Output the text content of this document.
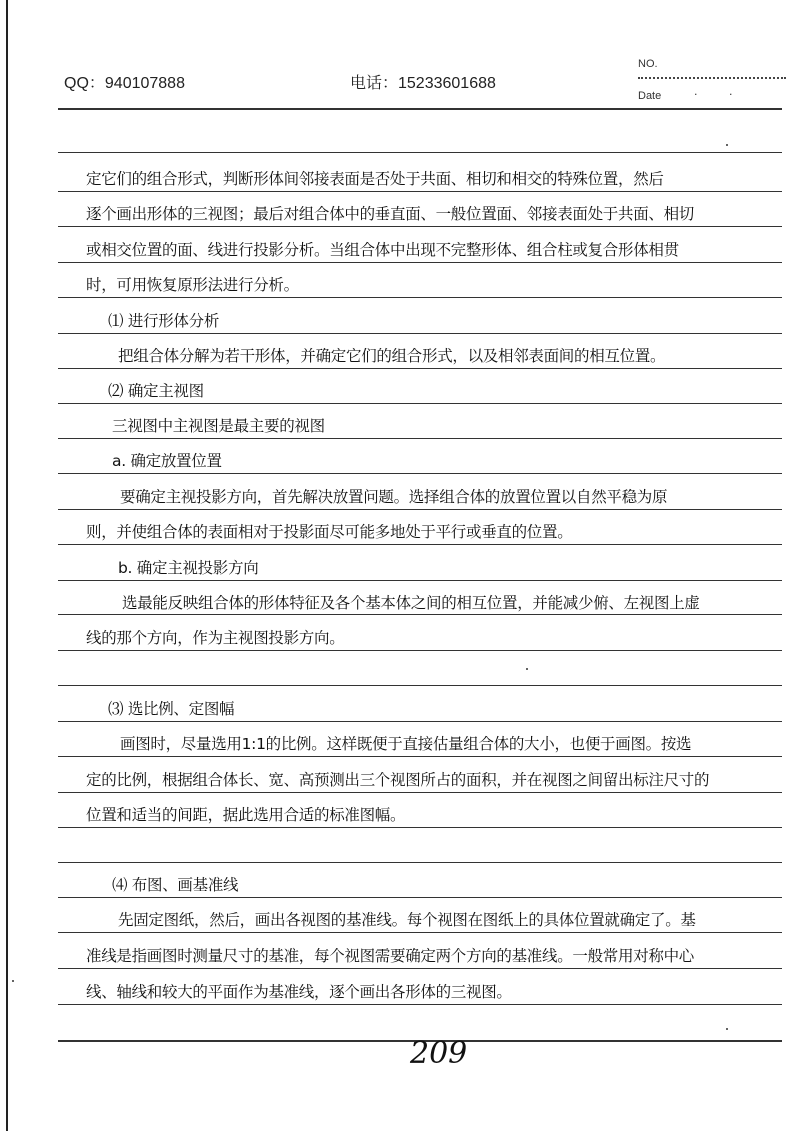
QQ：940107888	电话：15233601688
NO.
Date	· ·
定它们的组合形式，判断形体间邻接表面是否处于共面、相切和相交的特殊位置，然后
逐个画出形体的三视图；最后对组合体中的垂直面、一般位置面、邻接表面处于共面、相切
或相交位置的面、线进行投影分析。当组合体中出现不完整形体、组合柱或复合形体相贯
时，可用恢复原形法进行分析。
⑴ 进行形体分析
把组合体分解为若干形体，并确定它们的组合形式，以及相邻表面间的相互位置。
⑵ 确定主视图
三视图中主视图是最主要的视图
a. 确定放置位置
要确定主视投影方向，首先解决放置问题。选择组合体的放置位置以自然平稳为原
则，并使组合体的表面相对于投影面尽可能多地处于平行或垂直的位置。
b. 确定主视投影方向
选最能反映组合体的形体特征及各个基本体之间的相互位置，并能减少俯、左视图上虚
线的那个方向，作为主视图投影方向。
⑶ 选比例、定图幅
画图时，尽量选用1:1的比例。这样既便于直接估量组合体的大小，也便于画图。按选
定的比例，根据组合体长、宽、高预测出三个视图所占的面积，并在视图之间留出标注尺寸的
位置和适当的间距，据此选用合适的标准图幅。
⑷ 布图、画基准线
先固定图纸，然后，画出各视图的基准线。每个视图在图纸上的具体位置就确定了。基
准线是指画图时测量尺寸的基准，每个视图需要确定两个方向的基准线。一般常用对称中心
线、轴线和较大的平面作为基准线，逐个画出各形体的三视图。
209
